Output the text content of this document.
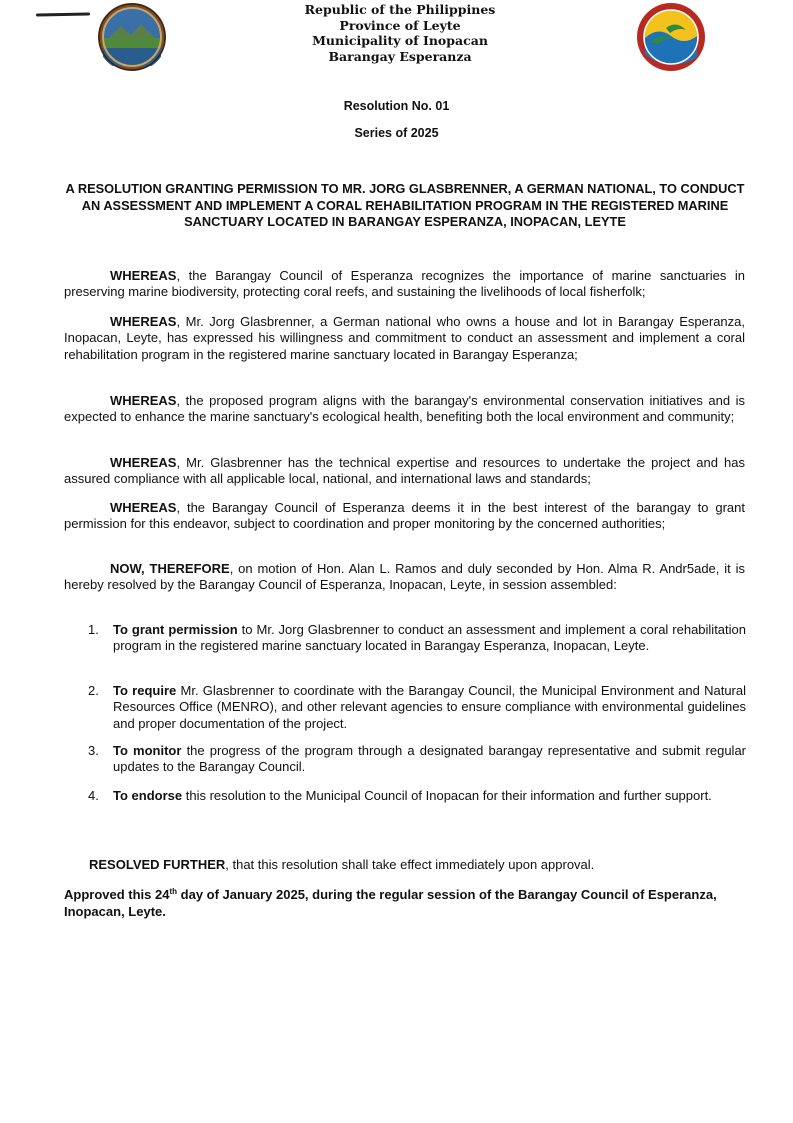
Republic of the Philippines
Province of Leyte
Municipality of Inopacan
Barangay Esperanza
Resolution No. 01
Series of 2025
A RESOLUTION GRANTING PERMISSION TO MR. JORG GLASBRENNER, A GERMAN NATIONAL, TO CONDUCT AN ASSESSMENT AND IMPLEMENT A CORAL REHABILITATION PROGRAM IN THE REGISTERED MARINE SANCTUARY LOCATED IN BARANGAY ESPERANZA, INOPACAN, LEYTE
WHEREAS, the Barangay Council of Esperanza recognizes the importance of marine sanctuaries in preserving marine biodiversity, protecting coral reefs, and sustaining the livelihoods of local fisherfolk;
WHEREAS, Mr. Jorg Glasbrenner, a German national who owns a house and lot in Barangay Esperanza, Inopacan, Leyte, has expressed his willingness and commitment to conduct an assessment and implement a coral rehabilitation program in the registered marine sanctuary located in Barangay Esperanza;
WHEREAS, the proposed program aligns with the barangay's environmental conservation initiatives and is expected to enhance the marine sanctuary's ecological health, benefiting both the local environment and community;
WHEREAS, Mr. Glasbrenner has the technical expertise and resources to undertake the project and has assured compliance with all applicable local, national, and international laws and standards;
WHEREAS, the Barangay Council of Esperanza deems it in the best interest of the barangay to grant permission for this endeavor, subject to coordination and proper monitoring by the concerned authorities;
NOW, THEREFORE, on motion of Hon. Alan L. Ramos and duly seconded by Hon. Alma R. Andr5ade, it is hereby resolved by the Barangay Council of Esperanza, Inopacan, Leyte, in session assembled:
1.	To grant permission to Mr. Jorg Glasbrenner to conduct an assessment and implement a coral rehabilitation program in the registered marine sanctuary located in Barangay Esperanza, Inopacan, Leyte.
2.	To require Mr. Glasbrenner to coordinate with the Barangay Council, the Municipal Environment and Natural Resources Office (MENRO), and other relevant agencies to ensure compliance with environmental guidelines and proper documentation of the project.
3.	To monitor the progress of the program through a designated barangay representative and submit regular updates to the Barangay Council.
4.	To endorse this resolution to the Municipal Council of Inopacan for their information and further support.
RESOLVED FURTHER, that this resolution shall take effect immediately upon approval.
Approved this 24th day of January 2025, during the regular session of the Barangay Council of Esperanza, Inopacan, Leyte.
